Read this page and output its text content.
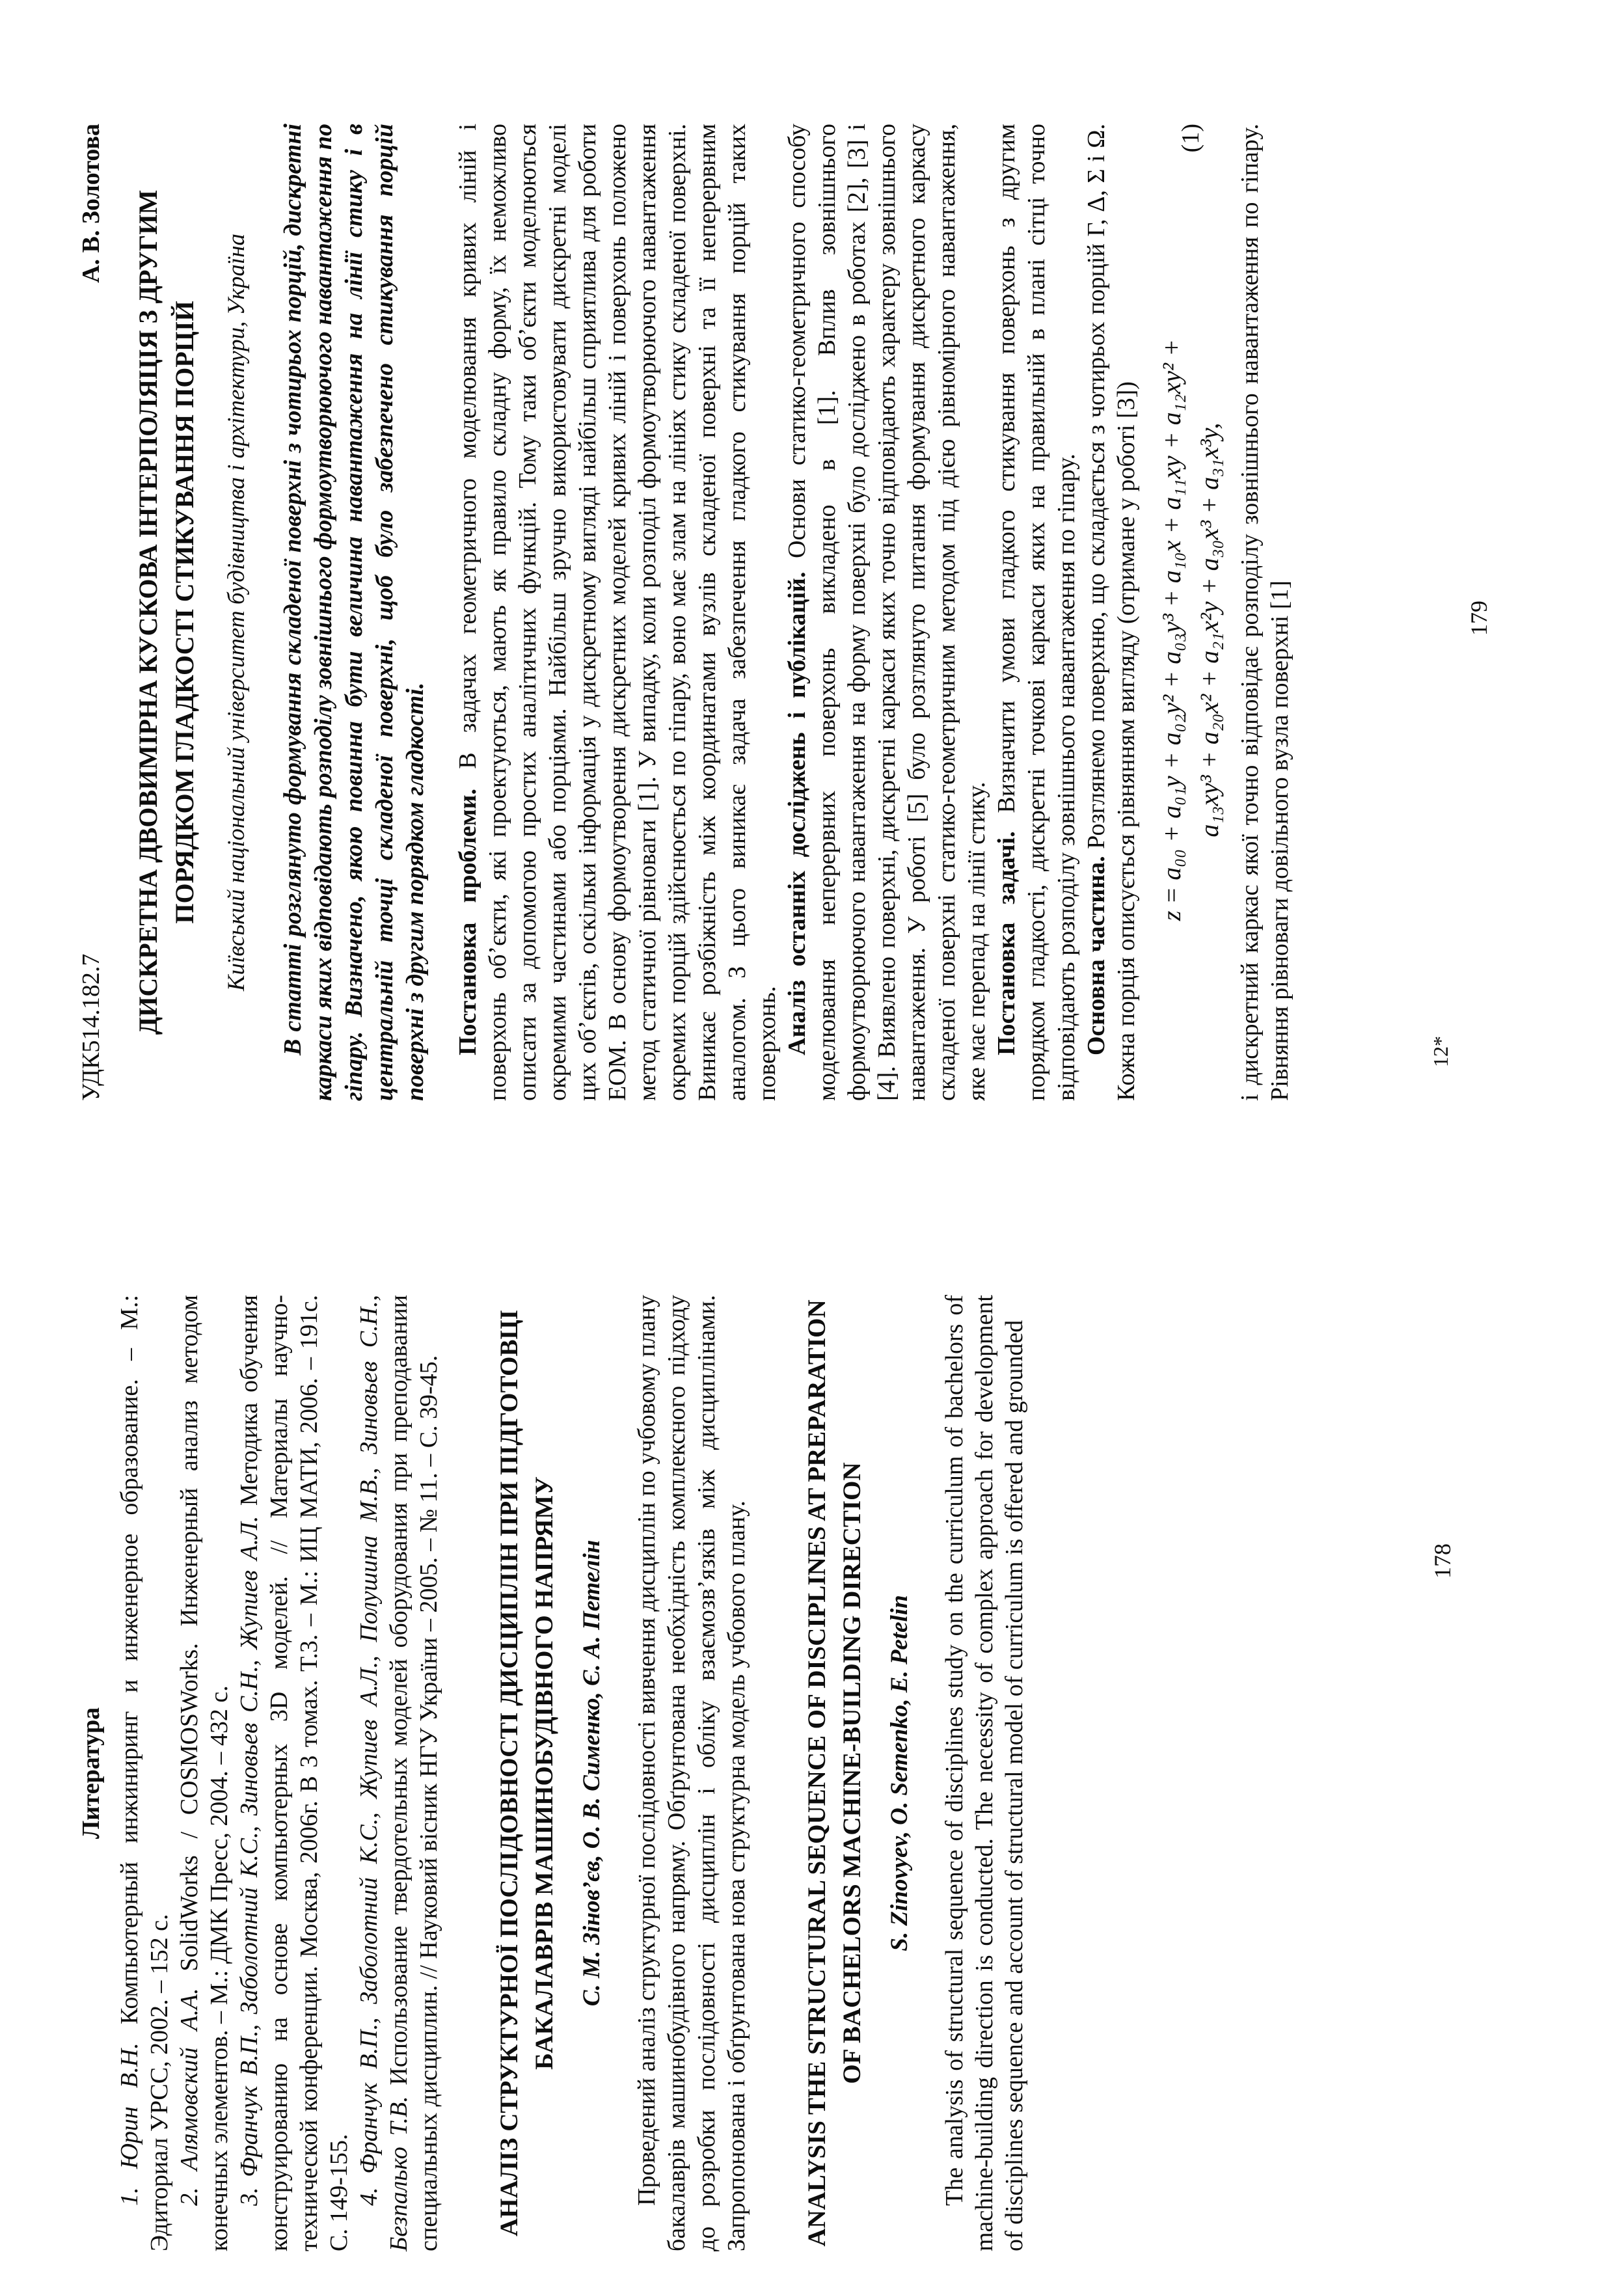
УДК514.182.7
А. В. Золотова ДИСКРЕТНА ДВОВИМІРНА КУСКОВА ІНТЕРПОЛЯЦІЯ З ДРУГИМ ПОРЯДКОМ ГЛАДКОСТІ СТИКУВАННЯ ПОРЦІЙ Київський національний університет будівництва і архітектури, Україна В статті розглянуто формування складеної поверхні з чотирьох порцій, дискретні каркаси яких відповідають розподілу зовнішнього формоутворюючого навантаження по гіпару. Визначено, якою повинна бути величина навантаження на лінії стику і в центральній точці складеної поверхні, щоб було забезпечено стикування порцій поверхні з другим порядком гладкості. Постановка проблеми. В задачах геометричного моделювання кривих ліній і поверхонь об’єкти, які проектуються, мають як правило складну форму, їх неможливо описати за допомогою простих аналітичних функцій. Тому таки об’єкти моделюються окремими частинами або порціями. Найбільш зручно використовувати дискретні моделі цих об’єктів, оскільки інформація у дискретному вигляді найбільш сприятлива для роботи ЕОМ. В основу формоутворення дискретних моделей кривих ліній і поверхонь положено метод статичної рівноваги [1]. У випадку, коли розподіл формоутворюючого навантаження окремих порцій здійснюється по гіпару, воно має злам на лініях стику складеної поверхні. Виникає розбіжність між координатами вузлів складеної поверхні та її неперервним аналогом. З цього виникає задача забезпечення гладкого стикування порцій таких поверхонь. Аналіз останніх досліджень і публікацій. Основи статико-геометричного способу моделювання неперервних поверхонь викладено в [1]. Вплив зовнішнього формоутворюючого навантаження на форму поверхні було досліджено в роботах [2], [3] і [4]. Виявлено поверхні, дискретні каркаси яких точно відповідають характеру зовнішнього навантаження. У роботі [5] було розглянуто питання формування дискретного каркасу складеної поверхні статико-геометричним методом під дією рівномірного навантаження, яке має перепад на лінії стику. Постановка задачі. Визначити умови гладкого стикування поверхонь з другим порядком гладкості, дискретні точкові каркаси яких на правильній в плані сітці точно відповідають розподілу зовнішнього навантаження по гіпару. Основна частина. Розглянемо поверхню, що складається з чотирьох порцій Г, Δ, Σ і Ω. Кожна порція описується рівнянням вигляду (отримане у роботі [3]) z = a₀₀ + a₀₁y + a₀₂y² + a₀₃y³ + a₁₀x + a₁₁xy + a₁₂xy² + a₁₃xy³ + a₂₀x² + a₂₁x²y + a₃₀x³ + a₃₁x³y,
(1) і дискретний каркас якої точно відповідає розподілу зовнішнього навантаження по гіпару. Рівняння рівноваги довільного вузла поверхні [1]	12*
179
Литература

1. Юрин В.Н. Компьютерный инжиниринг и инженерное образование. – М.: Эдиториал УРСС, 2002. – 152 с. 2. Алямовский А.А. SolidWorks / COSMOSWorks. Инженерный анализ методом конечных элементов. – М.: ДМК Пресс, 2004. – 432 с. 3. Франчук В.П., Заболотний К.С., Зиновьев С.Н., Жупиев А.Л. Методика обучения конструированию на основе компьютерных 3D моделей. // Материалы научно-технической конференции. Москва, 2006г. В 3 томах. Т.3. – М.: ИЦ МАТИ, 2006. – 191с. С. 149-155. 4. Франчук В.П., Заболотний К.С., Жупиев А.Л., Полушина М.В., Зиновьев С.Н., Безпалько Т.В. Использование твердотельных моделей оборудования при преподавании специальных дисциплин. // Науковий вісник НГУ України – 2005. – № 11. – С. 39-45. АНАЛІЗ СТРУКТУРНОЇ ПОСЛІДОВНОСТІ ДИСЦИПЛІН ПРИ ПІДГОТОВЦІ БАКАЛАВРІВ МАШИНОБУДІВНОГО НАПРЯМУ С. М. Зінов’єв, О. В. Сименко, Є. А. Петелін Проведений аналіз структурної послідовності вивчення дисциплін по учбовому плану бакалаврів машинобудівного напряму. Обґрунтована необхідність комплексного підходу до розробки послідовності дисциплін і обліку взаємозв’язків між дисциплінами. Запропонована і обґрунтована нова структурна модель учбового плану. ANALYSIS THE STRUCTURAL SEQUENCE OF DISCIPLINES AT PREPARATION OF BACHELORS MACHINE-BUILDING DIRECTION S. Zinovyev, O. Semenko, E. Petelin The analysis of structural sequence of disciplines study on the curriculum of bachelors of machine-building direction is conducted. The necessity of complex approach for development of disciplines sequence and account of structural model of curriculum is offered and grounded	178
